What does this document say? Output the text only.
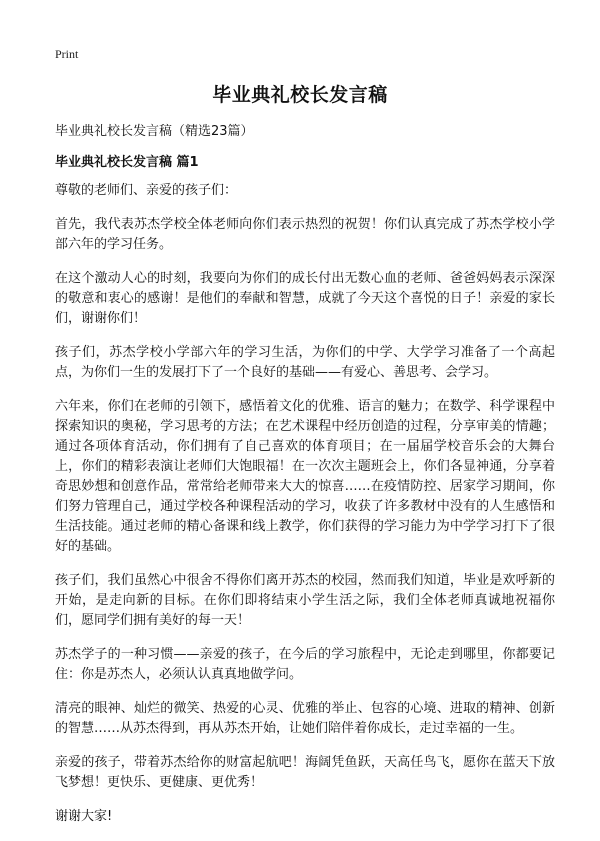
Print
毕业典礼校长发言稿

毕业典礼校长发言稿（精选23篇）

毕业典礼校长发言稿 篇1

尊敬的老师们、亲爱的孩子们：

首先，我代表苏杰学校全体老师向你们表示热烈的祝贺！你们认真完成了苏杰学校小学部六年的学习任务。

在这个激动人心的时刻，我要向为你们的成长付出无数心血的老师、爸爸妈妈表示深深的敬意和衷心的感谢！是他们的奉献和智慧，成就了今天这个喜悦的日子！亲爱的家长们，谢谢你们！

孩子们，苏杰学校小学部六年的学习生活，为你们的中学、大学学习准备了一个高起点，为你们一生的发展打下了一个良好的基础——有爱心、善思考、会学习。

六年来，你们在老师的引领下，感悟着文化的优雅、语言的魅力；在数学、科学课程中探索知识的奥秘，学习思考的方法；在艺术课程中经历创造的过程，分享审美的情趣；通过各项体育活动，你们拥有了自己喜欢的体育项目；在一届届学校音乐会的大舞台上，你们的精彩表演让老师们大饱眼福！在一次次主题班会上，你们各显神通，分享着奇思妙想和创意作品，常常给老师带来大大的惊喜……在疫情防控、居家学习期间，你们努力管理自己，通过学校各种课程活动的学习，收获了许多教材中没有的人生感悟和生活技能。通过老师的精心备课和线上教学，你们获得的学习能力为中学学习打下了很好的基础。

孩子们，我们虽然心中很舍不得你们离开苏杰的校园，然而我们知道，毕业是欢呼新的开始，是走向新的目标。在你们即将结束小学生活之际，我们全体老师真诚地祝福你们，愿同学们拥有美好的每一天！

苏杰学子的一种习惯——亲爱的孩子，在今后的学习旅程中，无论走到哪里，你都要记住：你是苏杰人，必须认认真真地做学问。

清亮的眼神、灿烂的微笑、热爱的心灵、优雅的举止、包容的心境、进取的精神、创新的智慧……从苏杰得到，再从苏杰开始，让她们陪伴着你成长，走过幸福的一生。

亲爱的孩子，带着苏杰给你的财富起航吧！海阔凭鱼跃，天高任鸟飞，愿你在蓝天下放飞梦想！更快乐、更健康、更优秀！

谢谢大家!
